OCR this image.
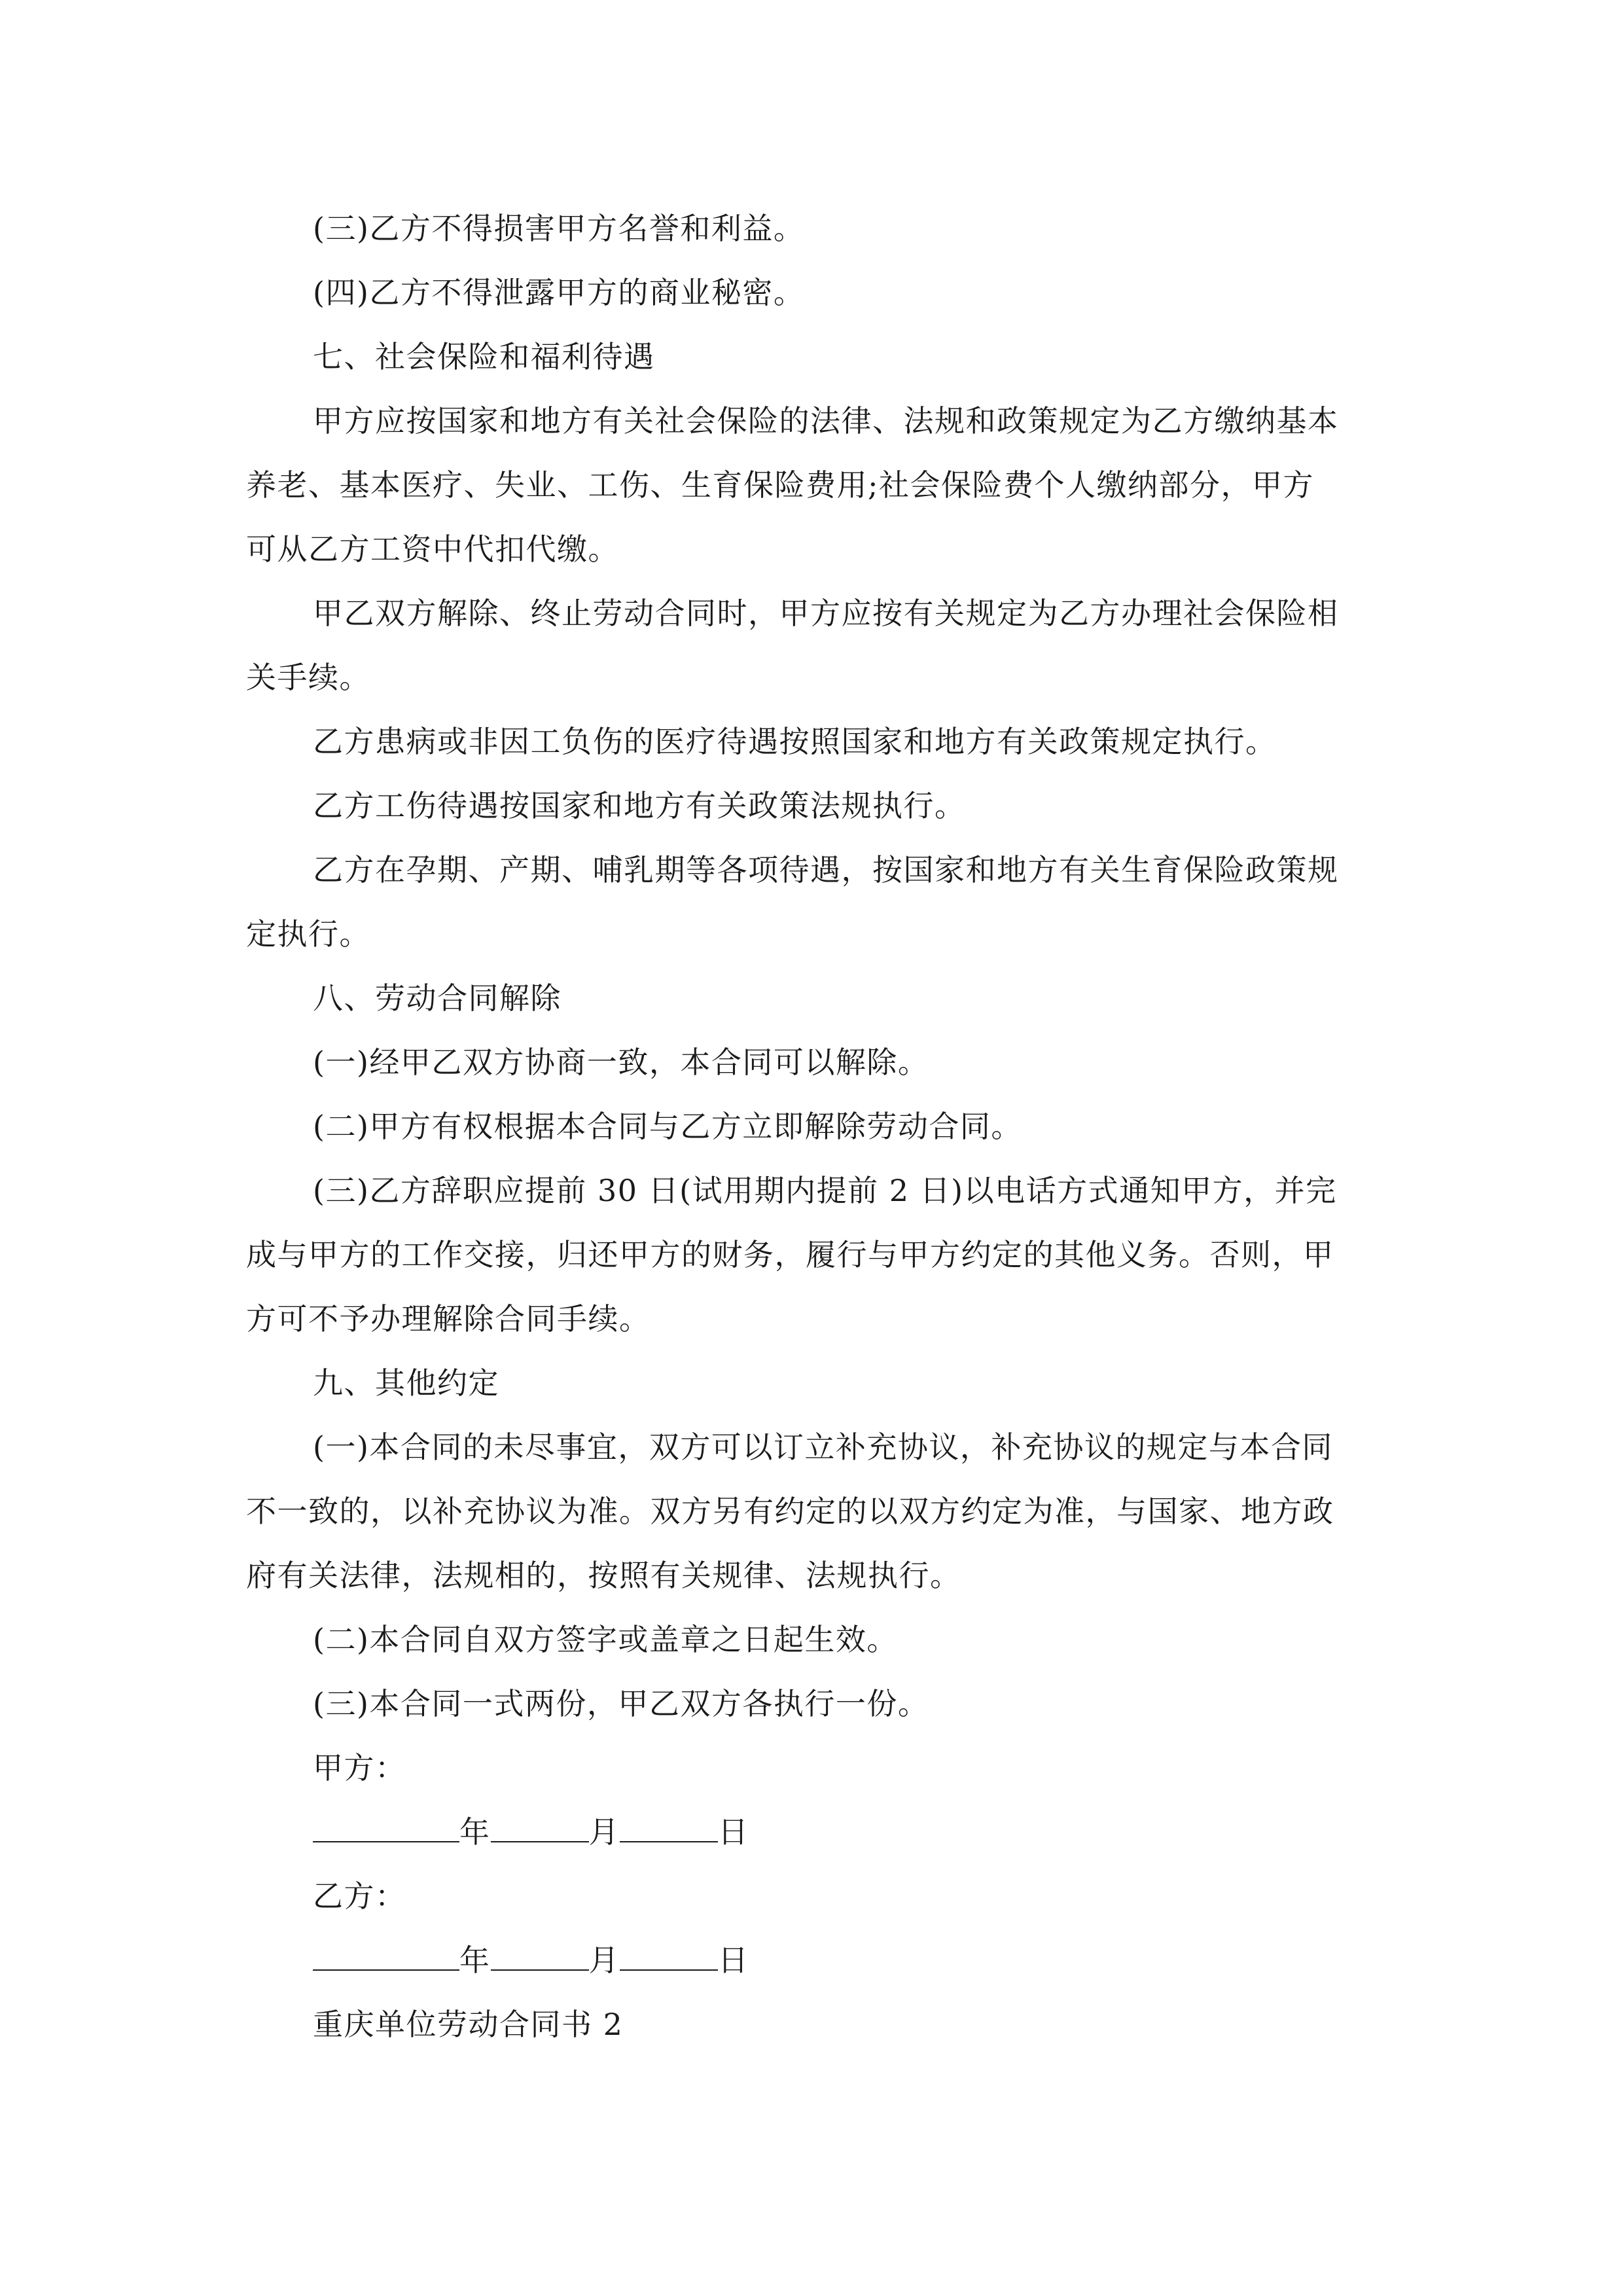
(三)乙方不得损害甲方名誉和利益。
(四)乙方不得泄露甲方的商业秘密。
七、社会保险和福利待遇
甲方应按国家和地方有关社会保险的法律、法规和政策规定为乙方缴纳基本
养老、基本医疗、失业、工伤、生育保险费用;社会保险费个人缴纳部分，甲方
可从乙方工资中代扣代缴。
甲乙双方解除、终止劳动合同时，甲方应按有关规定为乙方办理社会保险相
关手续。
乙方患病或非因工负伤的医疗待遇按照国家和地方有关政策规定执行。
乙方工伤待遇按国家和地方有关政策法规执行。
乙方在孕期、产期、哺乳期等各项待遇，按国家和地方有关生育保险政策规
定执行。
八、劳动合同解除
(一)经甲乙双方协商一致，本合同可以解除。
(二)甲方有权根据本合同与乙方立即解除劳动合同。
(三)乙方辞职应提前 30 日(试用期内提前 2 日)以电话方式通知甲方，并完
成与甲方的工作交接，归还甲方的财务，履行与甲方约定的其他义务。否则，甲
方可不予办理解除合同手续。
九、其他约定
(一)本合同的未尽事宜，双方可以订立补充协议，补充协议的规定与本合同
不一致的，以补充协议为准。双方另有约定的以双方约定为准，与国家、地方政
府有关法律，法规相的，按照有关规律、法规执行。
(二)本合同自双方签字或盖章之日起生效。
(三)本合同一式两份，甲乙双方各执行一份。
甲方：
年	月	日
乙方：
年	月	日
重庆单位劳动合同书 2
